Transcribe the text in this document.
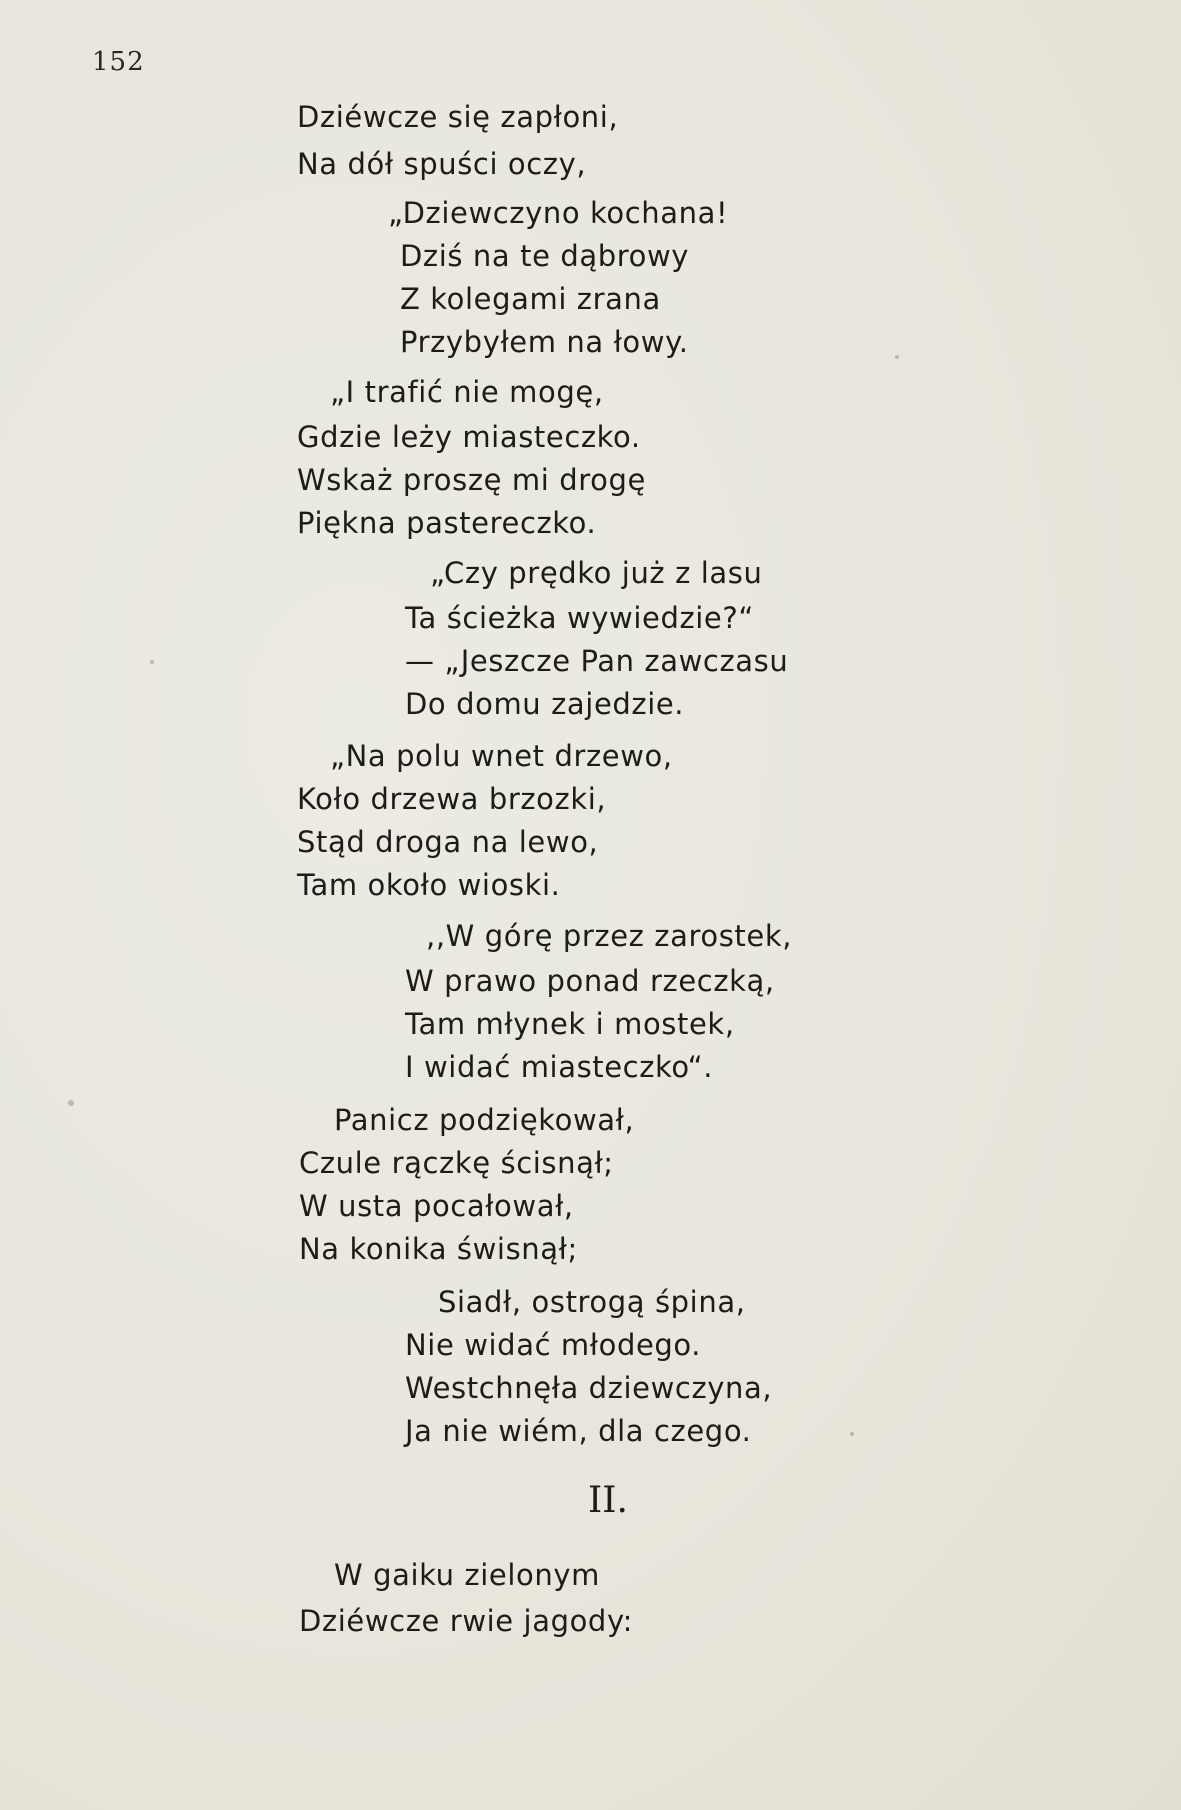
152
Dziéwcze się zapłoni,
Na dół spuści oczy,
„Dziewczyno kochana!
Dziś na te dąbrowy
Z kolegami zrana
Przybyłem na łowy.
„I trafić nie mogę,
Gdzie leży miasteczko.
Wskaż proszę mi drogę
Piękna pastereczko.
„Czy prędko już z lasu
Ta ścieżka wywiedzie?“
— „Jeszcze Pan zawczasu
Do domu zajedzie.
„Na polu wnet drzewo,
Koło drzewa brzozki,
Stąd droga na lewo,
Tam około wioski.
,,W górę przez zarostek,
W prawo ponad rzeczką,
Tam młynek i mostek,
I widać miasteczko“.
Panicz podziękował,
Czule rączkę ścisnął;
W usta pocałował,
Na konika świsnął;
Siadł, ostrogą śpina,
Nie widać młodego.
Westchnęła dziewczyna,
Ja nie wiém, dla czego.
II.
W gaiku zielonym
Dziéwcze rwie jagody:
